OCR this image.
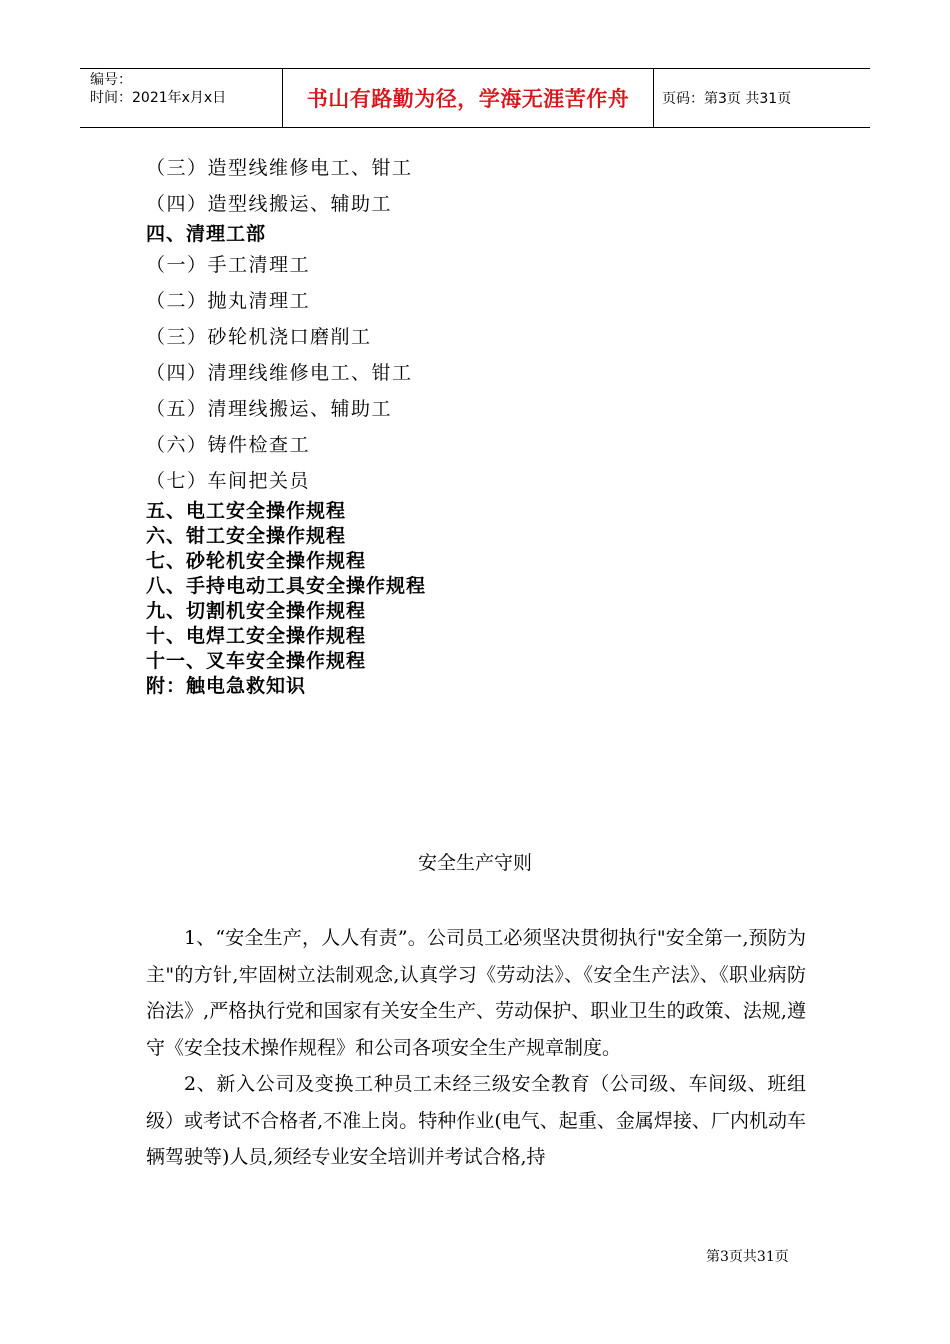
编号：
时间：2021年x月x日	书山有路勤为径，学海无涯苦作舟	页码：第3页 共31页
（三）造型线维修电工、钳工
（四）造型线搬运、辅助工
四、清理工部
（一）手工清理工
（二）抛丸清理工
（三）砂轮机浇口磨削工
（四）清理线维修电工、钳工
（五）清理线搬运、辅助工
（六）铸件检查工
（七）车间把关员
五、电工安全操作规程
六、钳工安全操作规程
七、砂轮机安全操作规程
八、手持电动工具安全操作规程
九、切割机安全操作规程
十、电焊工安全操作规程
十一、叉车安全操作规程
附：触电急救知识
安全生产守则

1、“安全生产，人人有责”。公司员工必须坚决贯彻执行"安全第一,预防为主"的方针,牢固树立法制观念,认真学习《劳动法》、《安全生产法》、《职业病防治法》,严格执行党和国家有关安全生产、劳动保护、职业卫生的政策、法规,遵守《安全技术操作规程》和公司各项安全生产规章制度。

2、新入公司及变换工种员工未经三级安全教育（公司级、车间级、班组级）或考试不合格者,不准上岗。特种作业(电气、起重、金属焊接、厂内机动车辆驾驶等)人员,须经专业安全培训并考试合格,持

第3页共31页
